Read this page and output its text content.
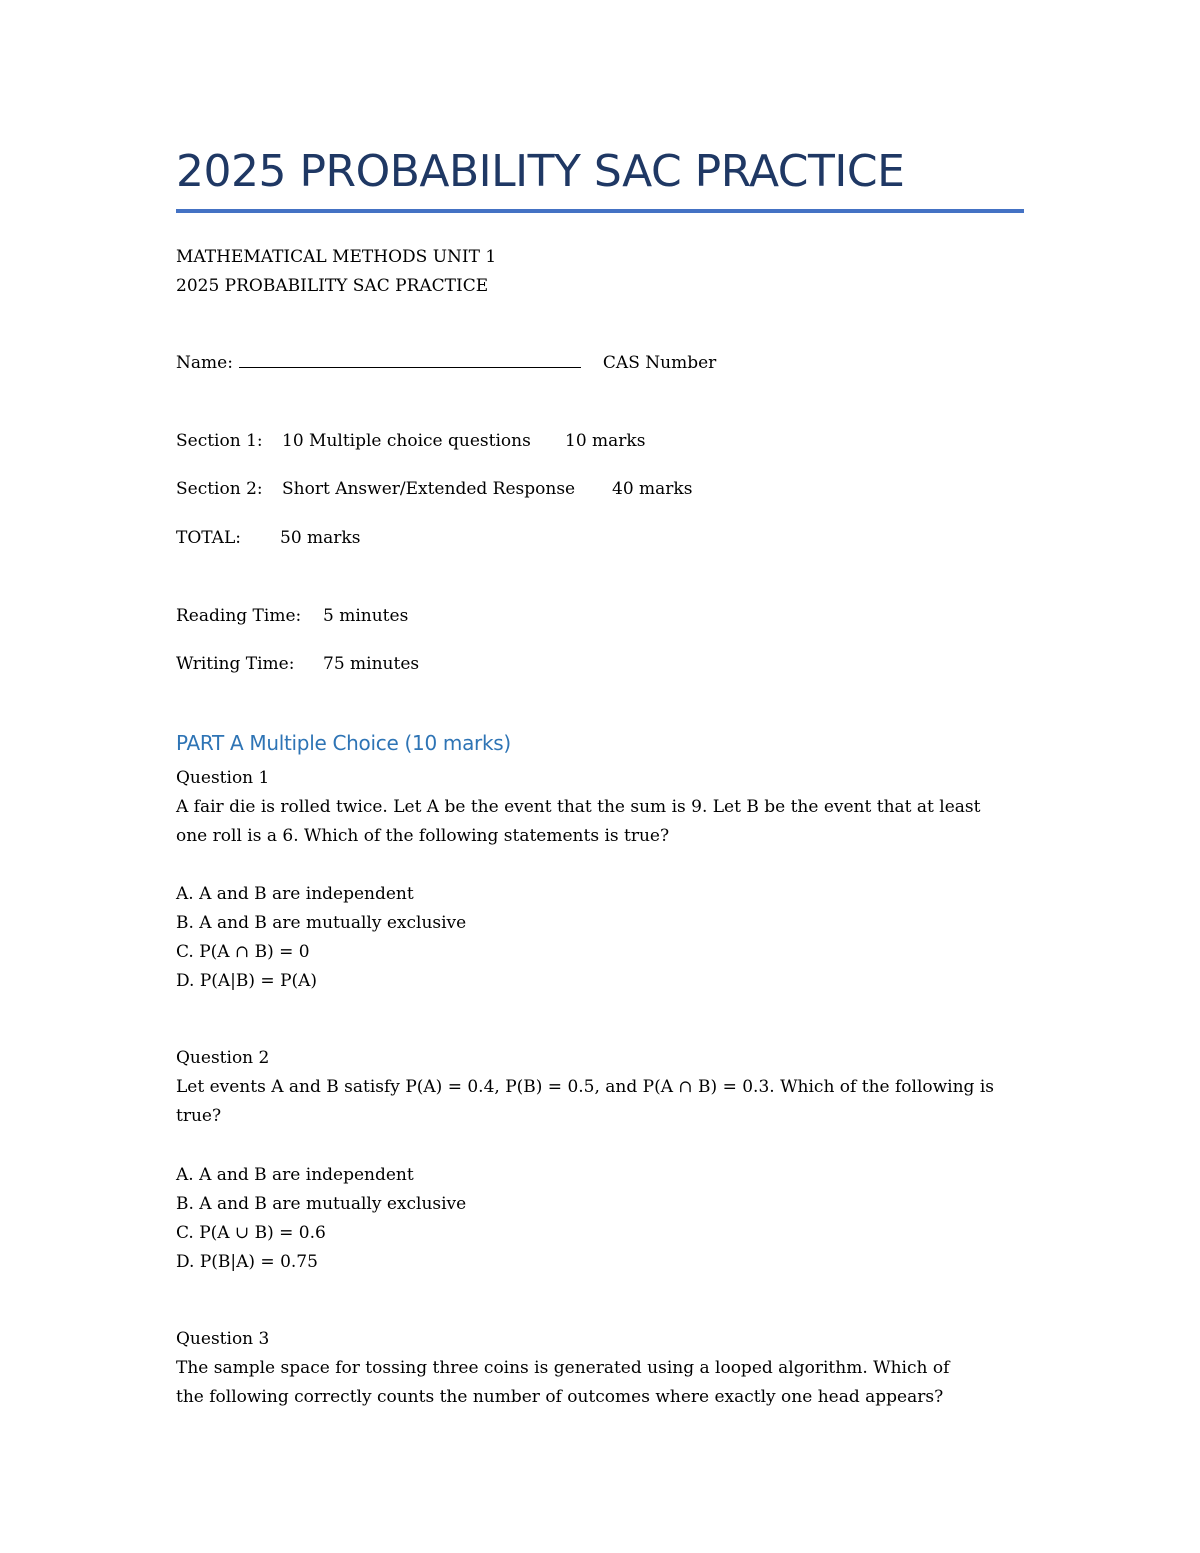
2025 PROBABILITY SAC PRACTICE
MATHEMATICAL METHODS UNIT 1
2025 PROBABILITY SAC PRACTICE
Name:	CAS Number
Section 1: 10 Multiple choice questions 10 marks
Section 2: Short Answer/Extended Response 40 marks
TOTAL: 50 marks
Reading Time: 5 minutes
Writing Time: 75 minutes
PART A Multiple Choice (10 marks)
Question 1
A fair die is rolled twice. Let A be the event that the sum is 9. Let B be the event that at least
one roll is a 6. Which of the following statements is true?
A. A and B are independent
B. A and B are mutually exclusive
C. P(A ∩ B) = 0
D. P(A|B) = P(A)
Question 2
Let events A and B satisfy P(A) = 0.4, P(B) = 0.5, and P(A ∩ B) = 0.3. Which of the following is
true?
A. A and B are independent
B. A and B are mutually exclusive
C. P(A ∪ B) = 0.6
D. P(B|A) = 0.75
Question 3
The sample space for tossing three coins is generated using a looped algorithm. Which of
the following correctly counts the number of outcomes where exactly one head appears?
